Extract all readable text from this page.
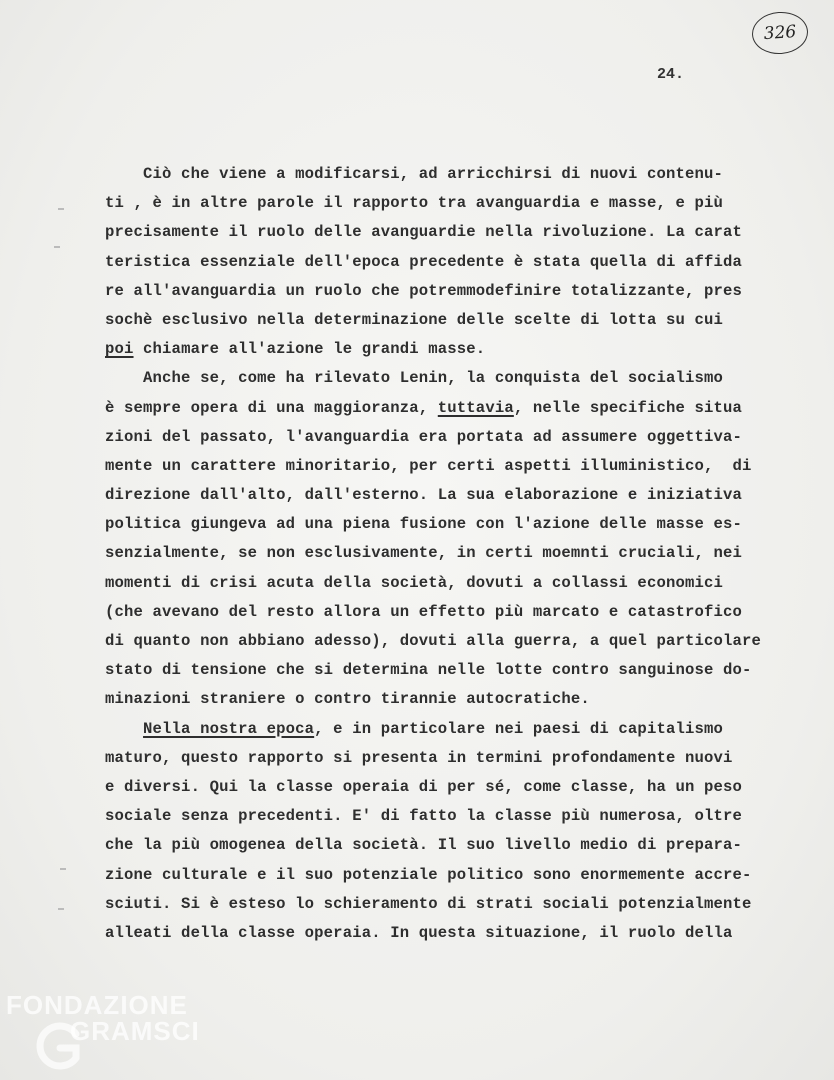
326
24.
Ciò che viene a modificarsi, ad arricchirsi di nuovi contenu-
ti , è in altre parole il rapporto tra avanguardia e masse, e più
precisamente il ruolo delle avanguardie nella rivoluzione. La carat
teristica essenziale dell'epoca precedente è stata quella di affida
re all'avanguardia un ruolo che potremmodefinire totalizzante, pres
sochè esclusivo nella determinazione delle scelte di lotta su cui
poi chiamare all'azione le grandi masse.
Anche se, come ha rilevato Lenin, la conquista del socialismo
è sempre opera di una maggioranza, tuttavia, nelle specifiche situa
zioni del passato, l'avanguardia era portata ad assumere oggettiva-
mente un carattere minoritario, per certi aspetti illuministico,  di
direzione dall'alto, dall'esterno. La sua elaborazione e iniziativa
politica giungeva ad una piena fusione con l'azione delle masse es-
senzialmente, se non esclusivamente, in certi moemnti cruciali, nei
momenti di crisi acuta della società, dovuti a collassi economici
(che avevano del resto allora un effetto più marcato e catastrofico
di quanto non abbiano adesso), dovuti alla guerra, a quel particolare
stato di tensione che si determina nelle lotte contro sanguinose do-
minazioni straniere o contro tirannie autocratiche.
Nella nostra epoca, e in particolare nei paesi di capitalismo
maturo, questo rapporto si presenta in termini profondamente nuovi
e diversi. Qui la classe operaia di per sé, come classe, ha un peso
sociale senza precedenti. E' di fatto la classe più numerosa, oltre
che la più omogenea della società. Il suo livello medio di prepara-
zione culturale e il suo potenziale politico sono enormemente accre-
sciuti. Si è esteso lo schieramento di strati sociali potenzialmente
alleati della classe operaia. In questa situazione, il ruolo della
FONDAZIONE
GRAMSCI
